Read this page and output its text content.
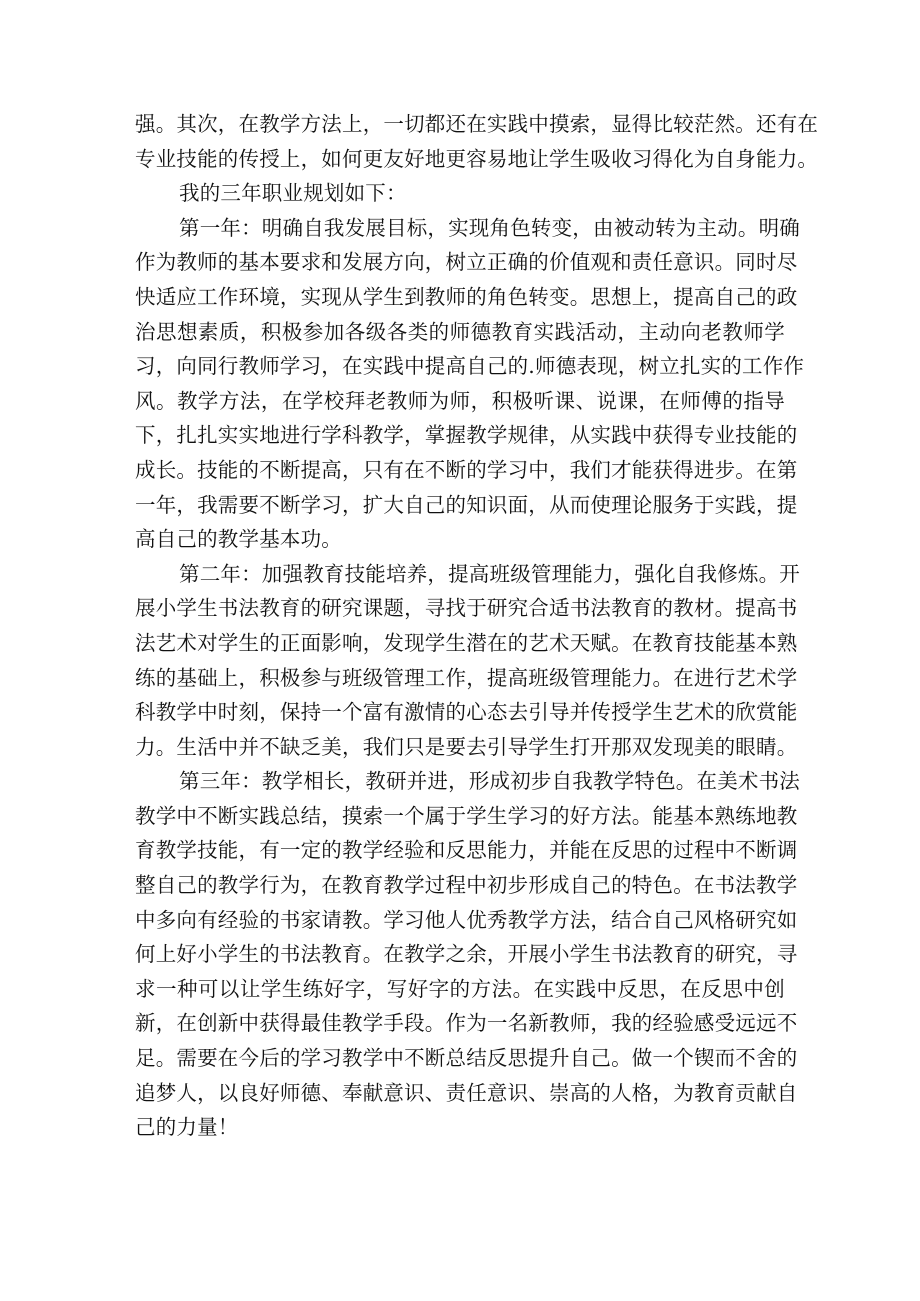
强。其次，在教学方法上，一切都还在实践中摸索，显得比较茫然。还有在
专业技能的传授上，如何更友好地更容易地让学生吸收习得化为自身能力。

我的三年职业规划如下：

第一年：明确自我发展目标，实现角色转变，由被动转为主动。明确
作为教师的基本要求和发展方向，树立正确的价值观和责任意识。同时尽
快适应工作环境，实现从学生到教师的角色转变。思想上，提高自己的政
治思想素质，积极参加各级各类的师德教育实践活动，主动向老教师学
习，向同行教师学习，在实践中提高自己的.师德表现，树立扎实的工作作
风。教学方法，在学校拜老教师为师，积极听课、说课，在师傅的指导
下，扎扎实实地进行学科教学，掌握教学规律，从实践中获得专业技能的
成长。技能的不断提高，只有在不断的学习中，我们才能获得进步。在第
一年，我需要不断学习，扩大自己的知识面，从而使理论服务于实践，提
高自己的教学基本功。

第二年：加强教育技能培养，提高班级管理能力，强化自我修炼。开
展小学生书法教育的研究课题，寻找于研究合适书法教育的教材。提高书
法艺术对学生的正面影响，发现学生潜在的艺术天赋。在教育技能基本熟
练的基础上，积极参与班级管理工作，提高班级管理能力。在进行艺术学
科教学中时刻，保持一个富有激情的心态去引导并传授学生艺术的欣赏能
力。生活中并不缺乏美，我们只是要去引导学生打开那双发现美的眼睛。

第三年：教学相长，教研并进，形成初步自我教学特色。在美术书法
教学中不断实践总结，摸索一个属于学生学习的好方法。能基本熟练地教
育教学技能，有一定的教学经验和反思能力，并能在反思的过程中不断调
整自己的教学行为，在教育教学过程中初步形成自己的特色。在书法教学
中多向有经验的书家请教。学习他人优秀教学方法，结合自己风格研究如
何上好小学生的书法教育。在教学之余，开展小学生书法教育的研究，寻
求一种可以让学生练好字，写好字的方法。在实践中反思，在反思中创
新，在创新中获得最佳教学手段。作为一名新教师，我的经验感受远远不
足。需要在今后的学习教学中不断总结反思提升自己。做一个锲而不舍的
追梦人，以良好师德、奉献意识、责任意识、崇高的人格，为教育贡献自
己的力量！
